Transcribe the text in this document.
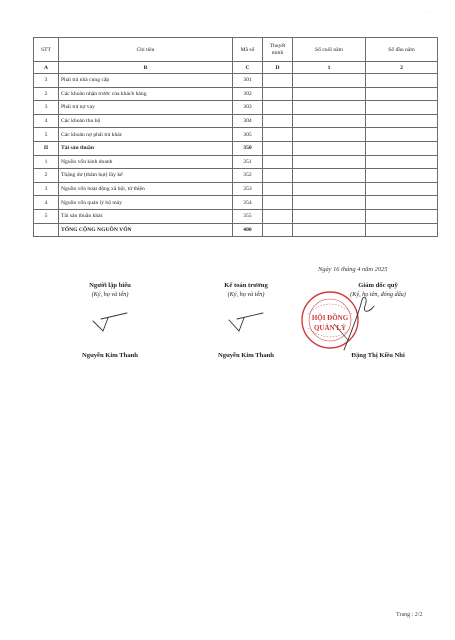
· ⸳
STT	Chỉ tiêu	Mã số	Thuyết minh	Số cuối năm	Số đầu năm
A	B	C	D	1	2
3	Phải trả nhà cung cấp	301			
2	Các khoản nhận trước của khách hàng	302			
3	Phải trả nợ vay	303			
4	Các khoản thu hộ	304			
5	Các khoản nợ phải trả khác	305			
II	Tài sản thuần	350			
1	Nguồn vốn kinh doanh	351			
2	Thặng dư (thâm hụt) lũy kế	352			
3	Nguồn vốn hoạt động xã hội, từ thiện	353			
4	Nguồn vốn quản lý bộ máy	354			
5	Tài sản thuần khác	355			
	TỔNG CỘNG NGUỒN VỐN	400			
Ngày 16 tháng 4 năm 2025
Người lập biểu
(Ký, họ và tên)
Nguyễn Kim Thanh
Kế toán trưởng
(Ký, họ và tên)
Nguyễn Kim Thanh
Giám đốc quỹ
(Ký, họ tên, đóng dấu)
Đặng Thị Kiều Nhi
HỘI ĐỒNG
QUẢN LÝ
Trang : 2/2
